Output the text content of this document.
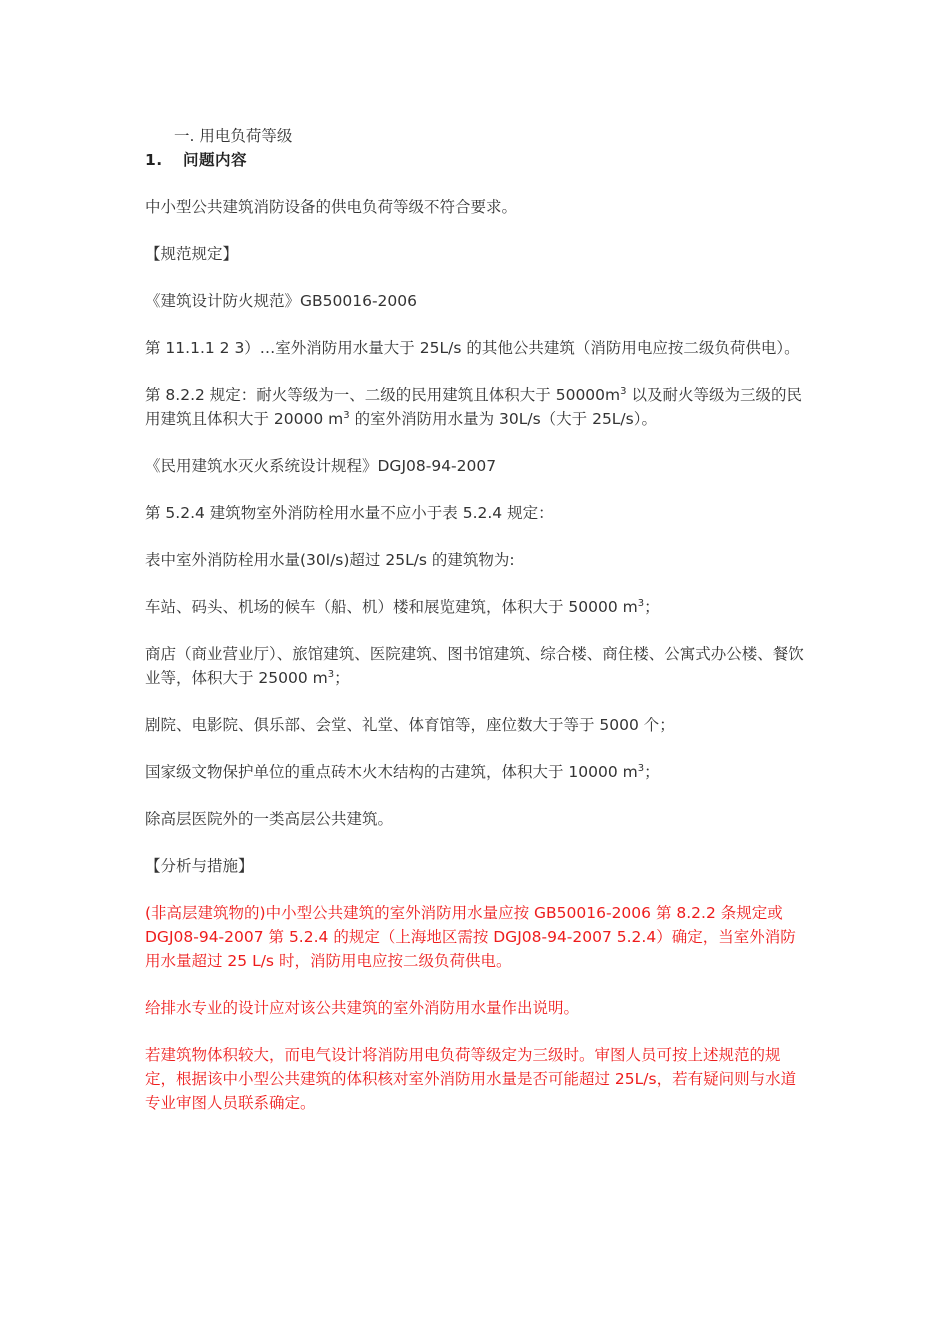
一. 用电负荷等级
1. 问题内容

中小型公共建筑消防设备的供电负荷等级不符合要求。

【规范规定】

《建筑设计防火规范》GB50016-2006

第 11.1.1 2 3）…室外消防用水量大于 25L/s 的其他公共建筑（消防用电应按二级负荷供电）。

第 8.2.2 规定：耐火等级为一、二级的民用建筑且体积大于 $50000m^3$ 以及耐火等级为三级的民用建筑且体积大于 20000 $m^3$ 的室外消防用水量为 30L/s（大于 25L/s）。

《民用建筑水灭火系统设计规程》DGJ08-94-2007

第 5.2.4 建筑物室外消防栓用水量不应小于表 5.2.4 规定：

表中室外消防栓用水量(30l/s)超过 25L/s 的建筑物为:

车站、码头、机场的候车（船、机）楼和展览建筑，体积大于 50000 $m^3$；

商店（商业营业厅）、旅馆建筑、医院建筑、图书馆建筑、综合楼、商住楼、公寓式办公楼、餐饮业等，体积大于 25000 $m^3$；

剧院、电影院、俱乐部、会堂、礼堂、体育馆等，座位数大于等于 5000 个；

国家级文物保护单位的重点砖木火木结构的古建筑，体积大于 10000 $m^3$；

除高层医院外的一类高层公共建筑。

【分析与措施】

(非高层建筑物的)中小型公共建筑的室外消防用水量应按 GB50016-2006 第 8.2.2 条规定或 DGJ08-94-2007 第 5.2.4 的规定（上海地区需按 DGJ08-94-2007 5.2.4）确定，当室外消防用水量超过 25 L/s 时，消防用电应按二级负荷供电。

给排水专业的设计应对该公共建筑的室外消防用水量作出说明。

若建筑物体积较大，而电气设计将消防用电负荷等级定为三级时。审图人员可按上述规范的规定，根据该中小型公共建筑的体积核对室外消防用水量是否可能超过 25L/s，若有疑问则与水道专业审图人员联系确定。
